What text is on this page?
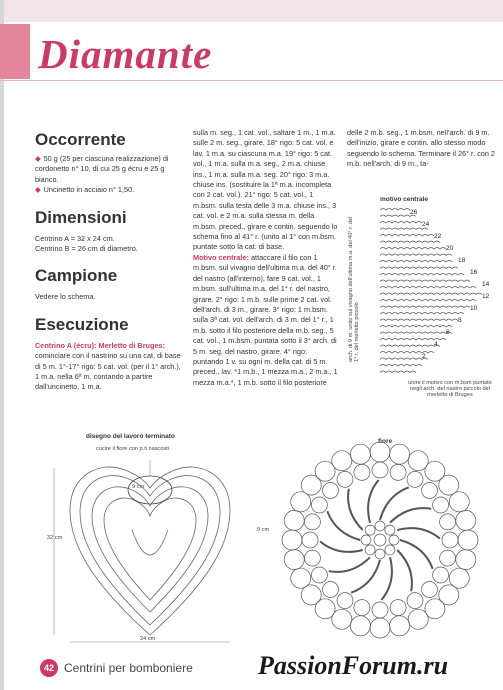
Diamante
Occorrente
◆ 50 g (25 per ciascuna realizzazione) di cordonetto n° 10, di cui 25 g écru e 25 g bianco.
◆ Uncinetto in acciaio n° 1,50.
Dimensioni
Centrino A = 32 x 24 cm.
Centrino B = 26 cm di diametro.
Campione
Vedere lo schema.
Esecuzione
Centrino A (écru): Merletto di Bruges: cominciare con il nastrino su una cat. di base di 5 m. 1°-17° rigo: 5 cat. vol. (per il 1° arch.), 1 m.a. nella 6ª m. contando a partire dall'uncinetto, 1 m.a.
sulla m. seg., 1 cat. vol., saltare 1 m., 1 m.a. sulle 2 m. seg., girare. 18° rigo: 5 cat. vol. e lav. 1 m.a. su ciascuna m.a. 19° rigo: 5 cat. vol., 1 m.a. sulla m.a. seg., 2 m.a. chiuse ins., 1 m.a. sulla m.a. seg. 20° rigo: 3 m.a. chiuse ins. (sostituire la 1ª m.a. incompleta con 2 cat. vol.). 21° rigo: 5 cat. vol., 1 m.bsm. sulla testa delle 3 m.a. chiuse ins., 3 cat. vol. e 2 m.a. sulla stessa m. della m.bsm. preced., girare e contin. seguendo lo schema fino al 41° r. (unito al 1° con m.bsm. puntate sotto la cat. di base.
Motivo centrale: attaccare il filo con 1 m.bsm. sul vivagno dell'ultima m.a. del 40° r. del nastro (all'interno), fare 9 cat. vol., 1 m.bsm. sull'ultima m.a. del 1° r. del nastro, girare. 2° rigo: 1 m.b. sulle prime 2 cat. vol. dell'arch. di 3 m., girare. 3° rigo: 1 m.bsm. sulla 3ª cat. vol. dell'arch. di 3 m. del 1° r., 1 m.b. sotto il filo posteriore della m.b. seg., 5 cat. vol., 1 m.bsm. puntata sotto il 3° arch. di 5 m. seg. del nastro, girare. 4° rigo: puntando 1 v. su ogni m. della cat. di 5 m. preced., lav. *1 m.b., 1 mezza m.a., 2 m.a., 1 mezza m.a.*, 1 m.b. sotto il filo posteriore
delle 2 m.b. seg., 1 m.bsm. nell'arch. di 9 m. dell'inizio, girare e contin. allo stesso modo seguendo lo schema. Terminare il 26° r. con 2 m.b. nell'arch. di 9 m., ta-
motivo centrale
26
24
22
20
18
16
14
12
10
8
6
4
2
arch. di 9 m. unito sul vivagno dell'ultima m.a. del 40° r. del 1° r. del merletto piccolo
unire il motivo con m.bsm puntate negli arch. del nastro piccolo del merletto di Bruges
disegno del lavoro terminato
cucire il fiore con p.ti nascosti
9 cm
32 cm
24 cm
fiore
9 cm
42 Centrini per bomboniere	PassionForum.ru
